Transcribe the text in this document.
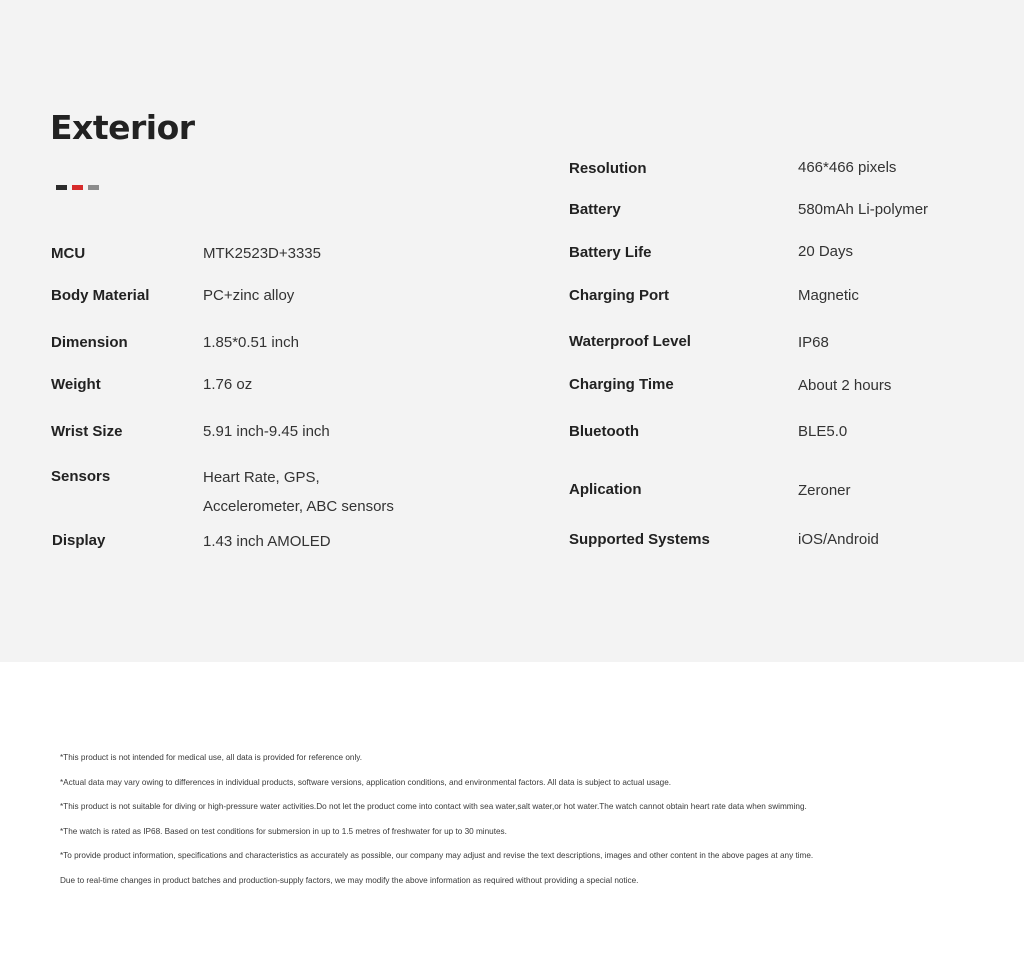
Exterior
MCU	MTK2523D+3335
Body Material	PC+zinc alloy
Dimension	1.85*0.51 inch
Weight	1.76 oz
Wrist Size	5.91 inch-9.45 inch
Sensors	Heart Rate, GPS, Accelerometer, ABC sensors
Display	1.43 inch AMOLED
Resolution	466*466 pixels
Battery	580mAh Li-polymer
Battery Life	20 Days
Charging Port	Magnetic
Waterproof Level	IP68
Charging Time	About 2 hours
Bluetooth	BLE5.0
Aplication	Zeroner
Supported Systems	iOS/Android
*This product is not intended for medical use, all data is provided for reference only.
*Actual data may vary owing to differences in individual products, software versions, application conditions, and environmental factors. All data is subject to actual usage.
*This product is not suitable for diving or high-pressure water activities.Do not let the product come into contact with sea water,salt water,or hot water.The watch cannot obtain heart rate data when swimming.
*The watch is rated as IP68. Based on test conditions for submersion in up to 1.5 metres of freshwater for up to 30 minutes.
*To provide product information, specifications and characteristics as accurately as possible, our company may adjust and revise the text descriptions, images and other content in the above pages at any time.
Due to real-time changes in product batches and production-supply factors, we may modify the above information as required without providing a special notice.
